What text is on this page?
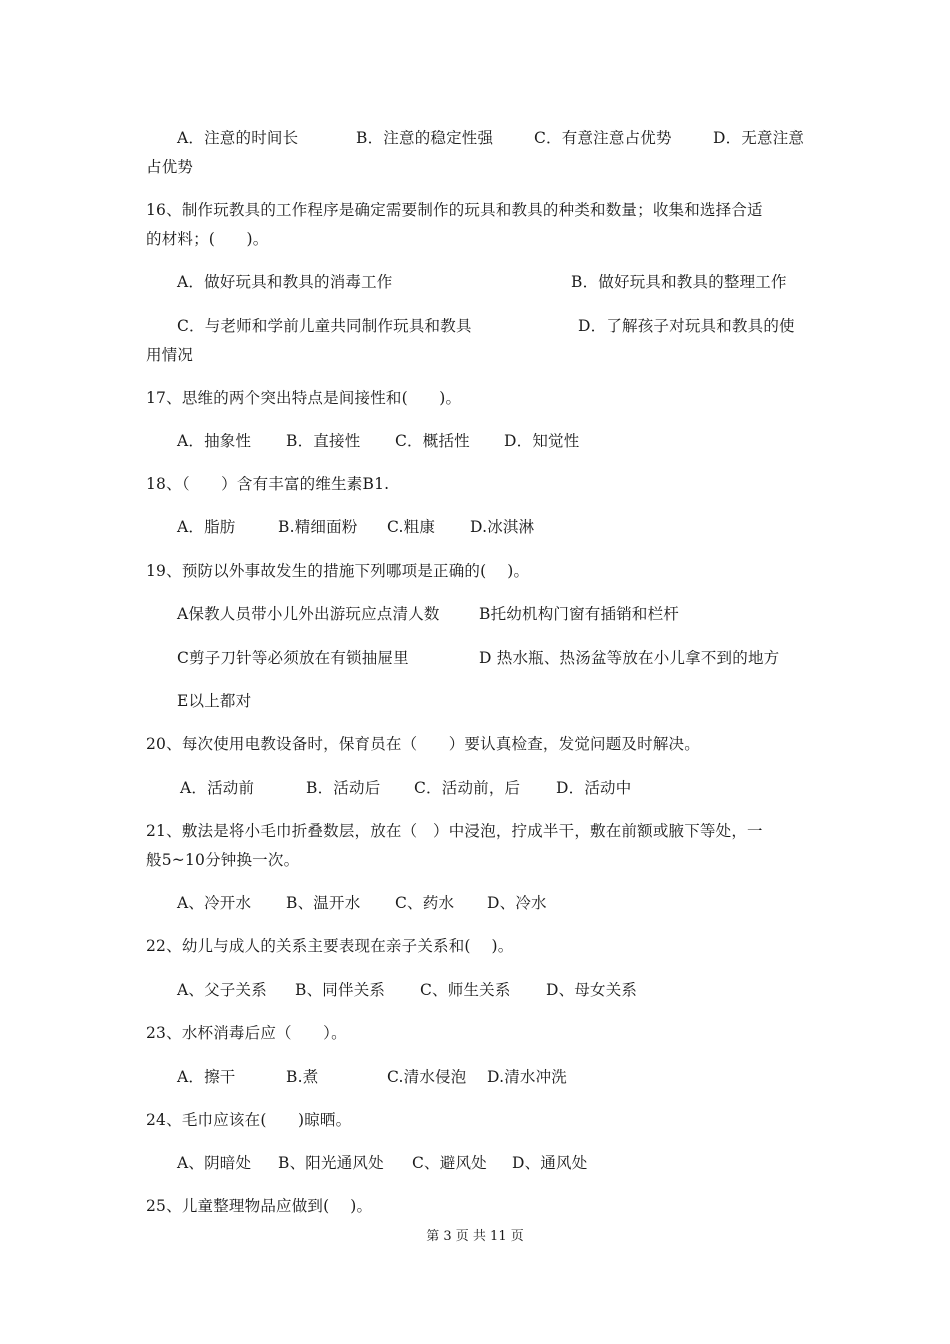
A．注意的时间长	B．注意的稳定性强	C．有意注意占优势	D．无意注意
占优势
16、制作玩教具的工作程序是确定需要制作的玩具和教具的种类和数量；收集和选择合适
的材料；(　　)。
A．做好玩具和教具的消毒工作	B．做好玩具和教具的整理工作
C．与老师和学前儿童共同制作玩具和教具	D．了解孩子对玩具和教具的使
用情况
17、思维的两个突出特点是间接性和(　　)。
A．抽象性 B．直接性 C．概括性 D．知觉性
18、（　　）含有丰富的维生素B1.
A．脂肪	B.精细面粉 C.粗康 D.冰淇淋
19、预防以外事故发生的措施下列哪项是正确的(　 )。
A保教人员带小儿外出游玩应点清人数	B托幼机构门窗有插销和栏杆
C剪子刀针等必须放在有锁抽屉里	D 热水瓶、热汤盆等放在小儿拿不到的地方
E以上都对
20、每次使用电教设备时，保育员在（　　）要认真检查，发觉问题及时解决。
A．活动前	B．活动后 C．活动前，后 D．活动中
21、敷法是将小毛巾折叠数层，放在（　）中浸泡，拧成半干，敷在前额或腋下等处，一
般5~10分钟换一次。
A、冷开水 B、温开水 C、药水 D、冷水
22、幼儿与成人的关系主要表现在亲子关系和(　 )。
A、父子关系 B、同伴关系 C、师生关系 D、母女关系
23、水杯消毒后应（　　）。
A．擦干	B.煮	C.清水侵泡 D.清水冲洗
24、毛巾应该在(　　)晾晒。
A、阴暗处 B、阳光通风处 C、避风处 D、通风处
25、儿童整理物品应做到(　 )。
第 3 页 共 11 页
